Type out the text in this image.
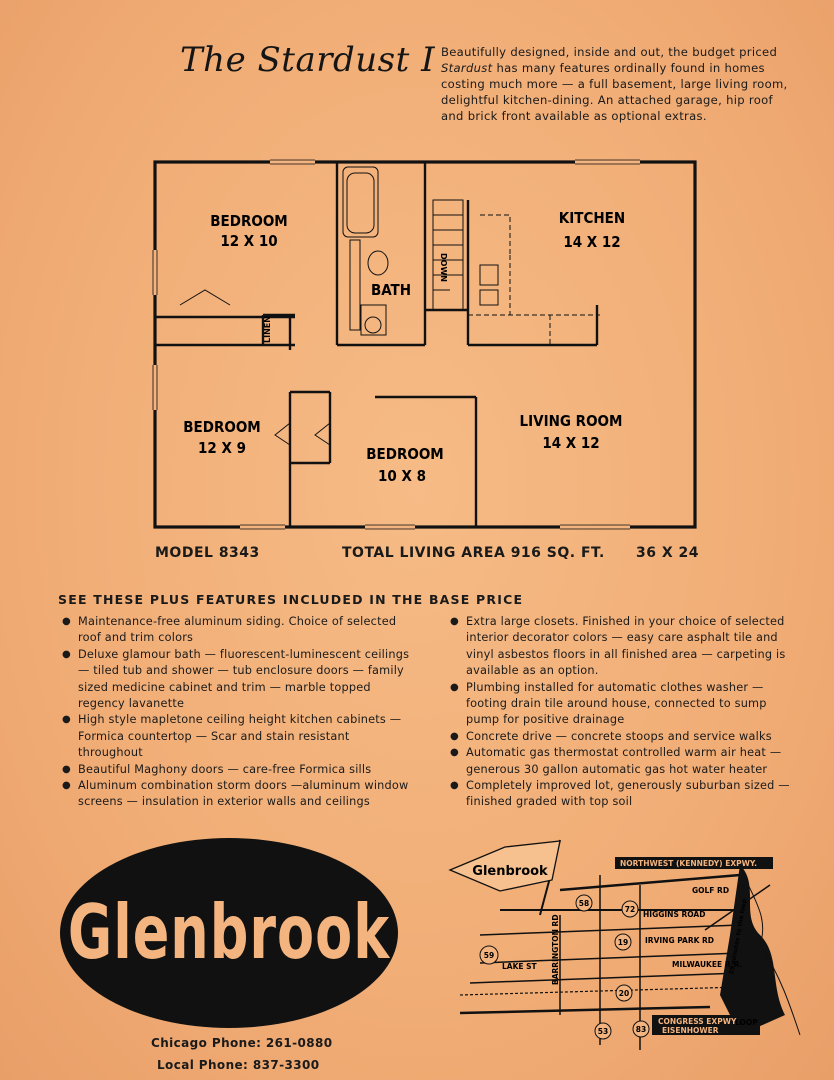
The Stardust I Beautifully designed, inside and out, the budget priced Stardust has many features ordinally found in homes costing much more — a full basement, large living room, delightful kitchen-dining. An attached garage, hip roof and brick front available as optional extras.
BEDROOM
12 X 10
BATH
KITCHEN
14 X 12
BEDROOM
12 X 9	BEDROOM
10 X 8
LIVING ROOM
14 X 12
LINEN
DOWN
MODEL 8343	TOTAL LIVING AREA 916 SQ. FT. 36 X 24
SEE THESE PLUS FEATURES INCLUDED IN THE BASE PRICE
● Maintenance-free aluminum siding. Choice of selected roof and trim colors
● Deluxe glamour bath — fluorescent-luminescent ceilings — tiled tub and shower — tub enclosure doors — family sized medicine cabinet and trim — marble topped regency lavanette
● High style mapletone ceiling height kitchen cabinets — Formica countertop — Scar and stain resistant throughout
● Beautiful Maghony doors — care-free Formica sills
● Aluminum combination storm doors —aluminum window screens — insulation in exterior walls and ceilings
● Extra large closets. Finished in your choice of selected interior decorator colors — easy care asphalt tile and vinyl asbestos floors in all finished area — carpeting is available as an option.
● Plumbing installed for automatic clothes washer — footing drain tile around house, connected to sump pump for positive drainage
● Concrete drive — concrete stoops and service walks
● Automatic gas thermostat controlled warm air heat — generous 30 gallon automatic gas hot water heater
● Completely improved lot, generously suburban sized — finished graded with top soil
Glenbrook
Chicago Phone: 261-0880
Local Phone: 837-3300
Glenbrook
NORTHWEST (KENNEDY) EXPWY.
GOLF RD
HIGGINS ROAD
IRVING PARK RD
MILWAUKEE R.R.
LAKE ST BARRINGTON RD
CONGRESS EXPWY
EISENHOWER
LOOP
35 minutes to the loop
58
72
19
59
20
53	83
